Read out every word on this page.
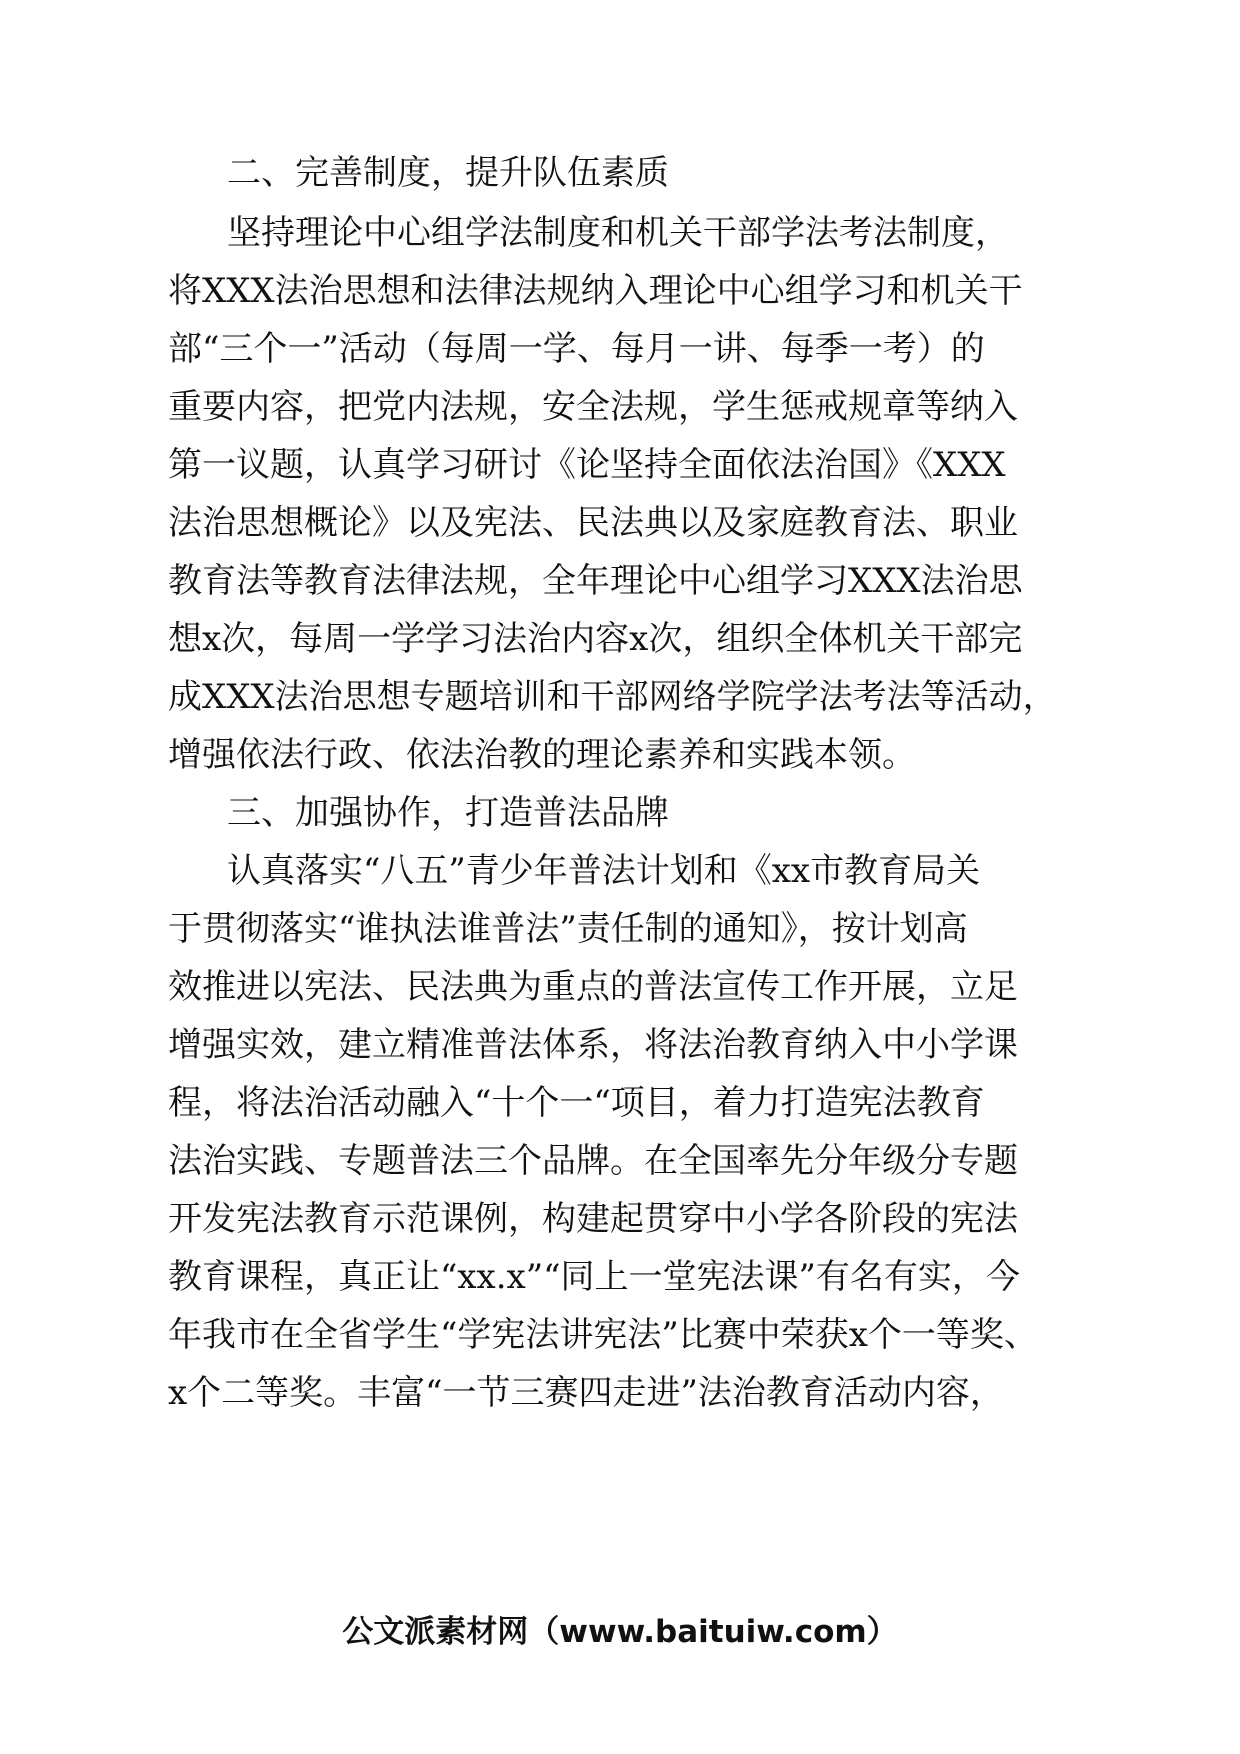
二、完善制度，提升队伍素质
坚持理论中心组学法制度和机关干部学法考法制度，
将XXX法治思想和法律法规纳入理论中心组学习和机关干
部“三个一”活动（每周一学、每月一讲、每季一考）的
重要内容，把党内法规，安全法规，学生惩戒规章等纳入
第一议题，认真学习研讨《论坚持全面依法治国》《XXX
法治思想概论》以及宪法、民法典以及家庭教育法、职业
教育法等教育法律法规，全年理论中心组学习XXX法治思
想x次，每周一学学习法治内容x次，组织全体机关干部完
成XXX法治思想专题培训和干部网络学院学法考法等活动，
增强依法行政、依法治教的理论素养和实践本领。
三、加强协作，打造普法品牌
认真落实“八五”青少年普法计划和《xx市教育局关
于贯彻落实“谁执法谁普法”责任制的通知》，按计划高
效推进以宪法、民法典为重点的普法宣传工作开展，立足
增强实效，建立精准普法体系，将法治教育纳入中小学课
程，将法治活动融入“十个一“项目，着力打造宪法教育
法治实践、专题普法三个品牌。在全国率先分年级分专题
开发宪法教育示范课例，构建起贯穿中小学各阶段的宪法
教育课程，真正让“xx.x”“同上一堂宪法课”有名有实，今
年我市在全省学生“学宪法讲宪法”比赛中荣获x个一等奖、
x个二等奖。丰富“一节三赛四走进”法治教育活动内容，
公文派素材网（www.baituiw.com）
